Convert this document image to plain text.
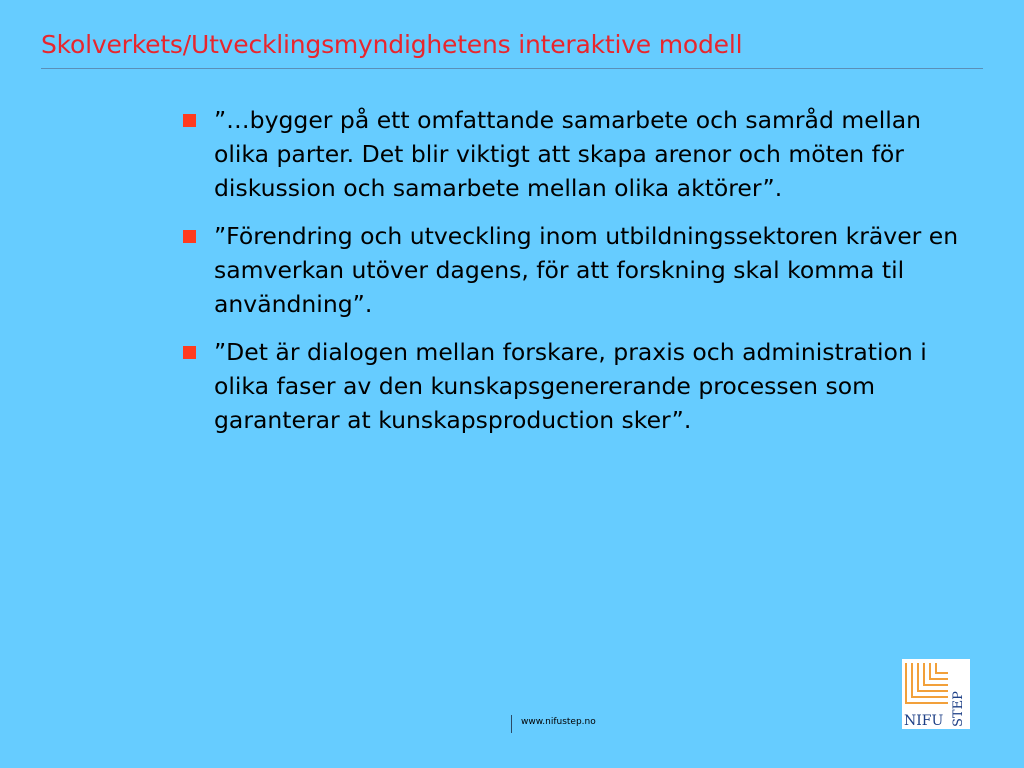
Skolverkets/Utvecklingsmyndighetens interaktive modell
”…bygger på ett omfattande samarbete och samråd mellan olika parter. Det blir viktigt att skapa arenor och möten för diskussion och samarbete mellan olika aktörer”.
”Förendring och utveckling inom utbildningssektoren kräver en samverkan utöver dagens, för att forskning skal komma til användning”.
”Det är dialogen mellan forskare, praxis och administration i olika faser av den kunskapsgenererande processen som garanterar at kunskapsproduction sker”.
www.nifustep.no	NIFU STEP
